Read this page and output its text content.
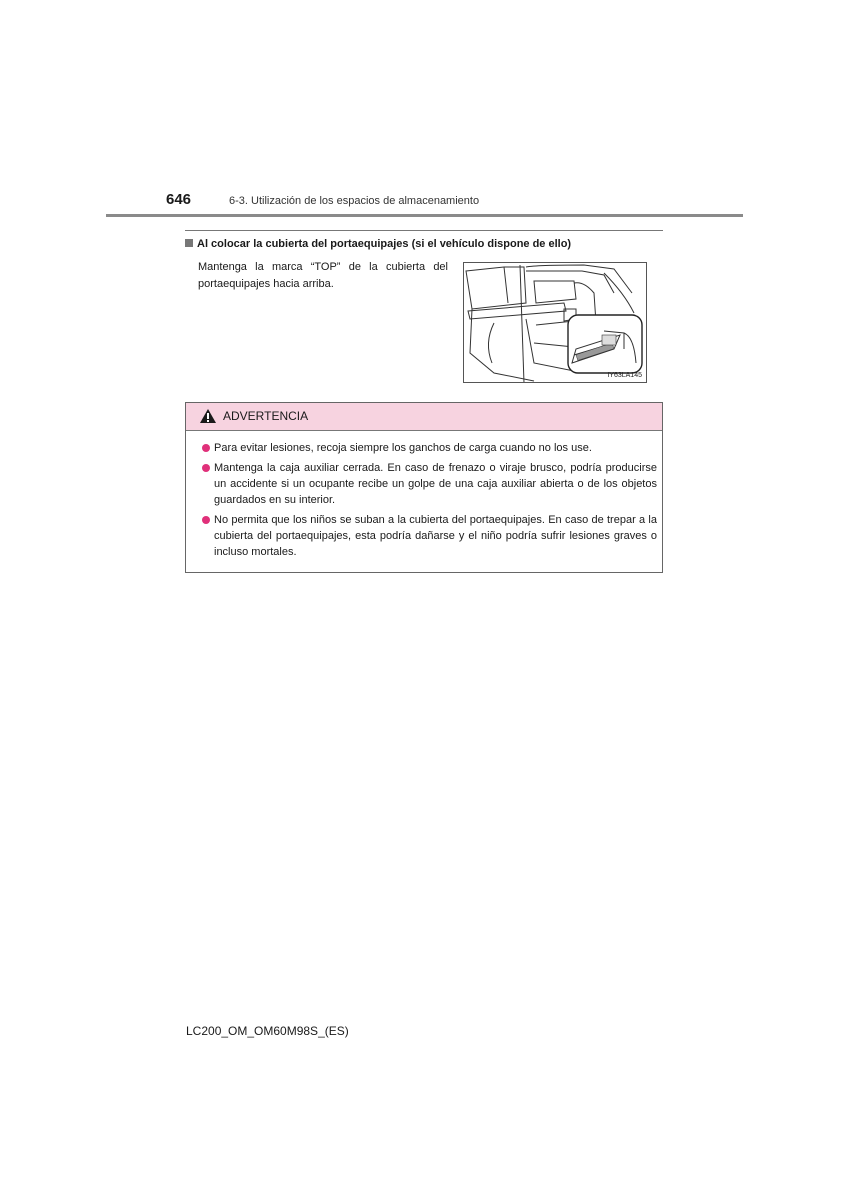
646	6-3. Utilización de los espacios de almacenamiento
Al colocar la cubierta del portaequipajes (si el vehículo dispone de ello)
Mantenga la marca “TOP” de la cubierta del portaequipajes hacia arriba.
IY63LA145
ADVERTENCIA
Para evitar lesiones, recoja siempre los ganchos de carga cuando no los use.
Mantenga la caja auxiliar cerrada. En caso de frenazo o viraje brusco, podría producirse un accidente si un ocupante recibe un golpe de una caja auxiliar abierta o de los objetos guardados en su interior.
No permita que los niños se suban a la cubierta del portaequipajes. En caso de trepar a la cubierta del portaequipajes, esta podría dañarse y el niño podría sufrir lesiones graves o incluso mortales.
LC200_OM_OM60M98S_(ES)
